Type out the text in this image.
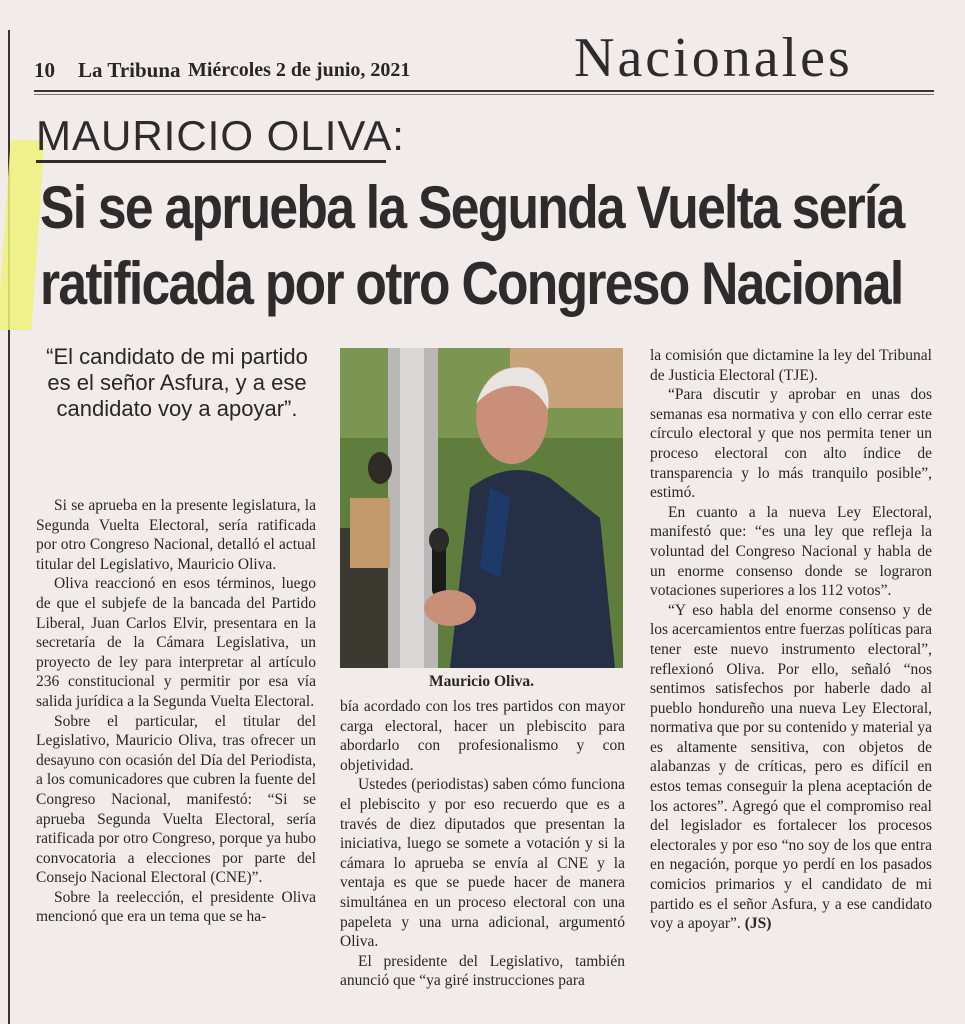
10 La Tribuna Miércoles 2 de junio, 2021	Nacionales
MAURICIO OLIVA:
Si se aprueba la Segunda Vuelta sería
ratificada por otro Congreso Nacional
“El candidato de mi partido es el señor Asfura, y a ese candidato voy a apoyar”.

Si se aprueba en la presente legislatura, la Segunda Vuelta Electoral, sería ratificada por otro Congreso Nacional, detalló el actual titular del Legislativo, Mauricio Oliva.

Oliva reaccionó en esos términos, luego de que el subjefe de la bancada del Partido Liberal, Juan Carlos Elvir, presentara en la secretaría de la Cámara Legislativa, un proyecto de ley para interpretar al artículo 236 constitucional y permitir por esa vía salida jurídica a la Segunda Vuelta Electoral.

Sobre el particular, el titular del Legislativo, Mauricio Oliva, tras ofrecer un desayuno con ocasión del Día del Periodista, a los comunicadores que cubren la fuente del Congreso Nacional, manifestó: “Si se aprueba Segunda Vuelta Electoral, sería ratificada por otro Congreso, porque ya hubo convocatoria a elecciones por parte del Consejo Nacional Electoral (CNE)”.

Sobre la reelección, el presidente Oliva mencionó que era un tema que se ha-

Mauricio Oliva.

bía acordado con los tres partidos con mayor carga electoral, hacer un plebiscito para abordarlo con profesionalismo y con objetividad.

Ustedes (periodistas) saben cómo funciona el plebiscito y por eso recuerdo que es a través de diez diputados que presentan la iniciativa, luego se somete a votación y si la cámara lo aprueba se envía al CNE y la ventaja es que se puede hacer de manera simultánea en un proceso electoral con una papeleta y una urna adicional, argumentó Oliva.

El presidente del Legislativo, también anunció que “ya giré instrucciones para

la comisión que dictamine la ley del Tribunal de Justicia Electoral (TJE).

“Para discutir y aprobar en unas dos semanas esa normativa y con ello cerrar este círculo electoral y que nos permita tener un proceso electoral con alto índice de transparencia y lo más tranquilo posible”, estimó.

En cuanto a la nueva Ley Electoral, manifestó que: “es una ley que refleja la voluntad del Congreso Nacional y habla de un enorme consenso donde se lograron votaciones superiores a los 112 votos”.

“Y eso habla del enorme consenso y de los acercamientos entre fuerzas políticas para tener este nuevo instrumento electoral”, reflexionó Oliva. Por ello, señaló “nos sentimos satisfechos por haberle dado al pueblo hondureño una nueva Ley Electoral, normativa que por su contenido y material ya es altamente sensitiva, con objetos de alabanzas y de críticas, pero es difícil en estos temas conseguir la plena aceptación de los actores”. Agregó que el compromiso real del legislador es fortalecer los procesos electorales y por eso “no soy de los que entra en negación, porque yo perdí en los pasados comicios primarios y el candidato de mi partido es el señor Asfura, y a ese candidato voy a apoyar”. (JS)
